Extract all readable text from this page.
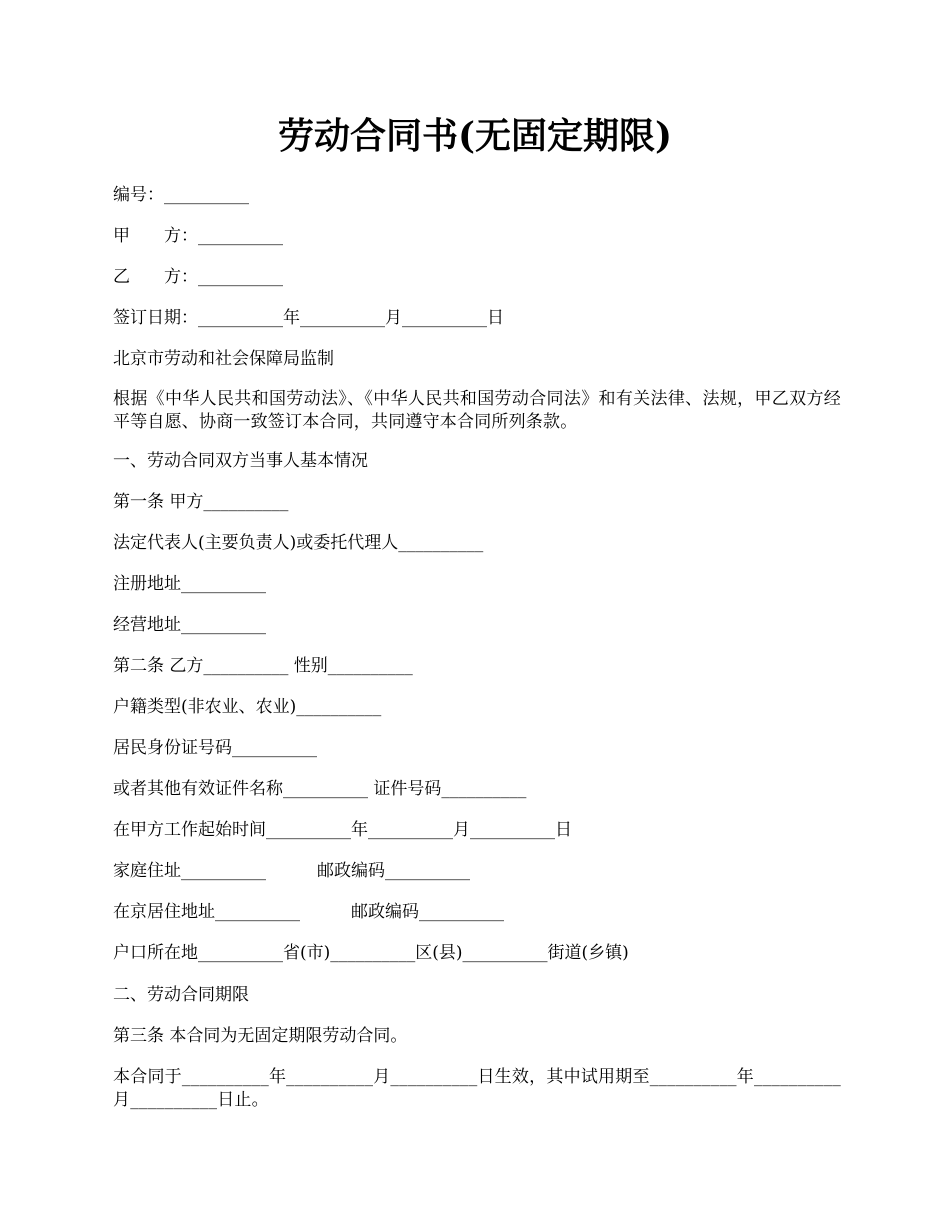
劳动合同书(无固定期限)

编号：__________

甲　　方：__________

乙　　方：__________

签订日期：__________年__________月__________日

北京市劳动和社会保障局监制

根据《中华人民共和国劳动法》、《中华人民共和国劳动合同法》和有关法律、法规，甲乙双方经平等自愿、协商一致签订本合同，共同遵守本合同所列条款。

一、劳动合同双方当事人基本情况

第一条 甲方__________

法定代表人(主要负责人)或委托代理人__________

注册地址__________

经营地址__________

第二条 乙方__________ 性别__________

户籍类型(非农业、农业)__________

居民身份证号码__________

或者其他有效证件名称__________ 证件号码__________

在甲方工作起始时间__________年__________月__________日

家庭住址__________　　　邮政编码__________

在京居住地址__________　　　邮政编码__________

户口所在地__________省(市)__________区(县)__________街道(乡镇)

二、劳动合同期限

第三条 本合同为无固定期限劳动合同。

本合同于__________年__________月__________日生效，其中试用期至__________年__________月__________日止。
